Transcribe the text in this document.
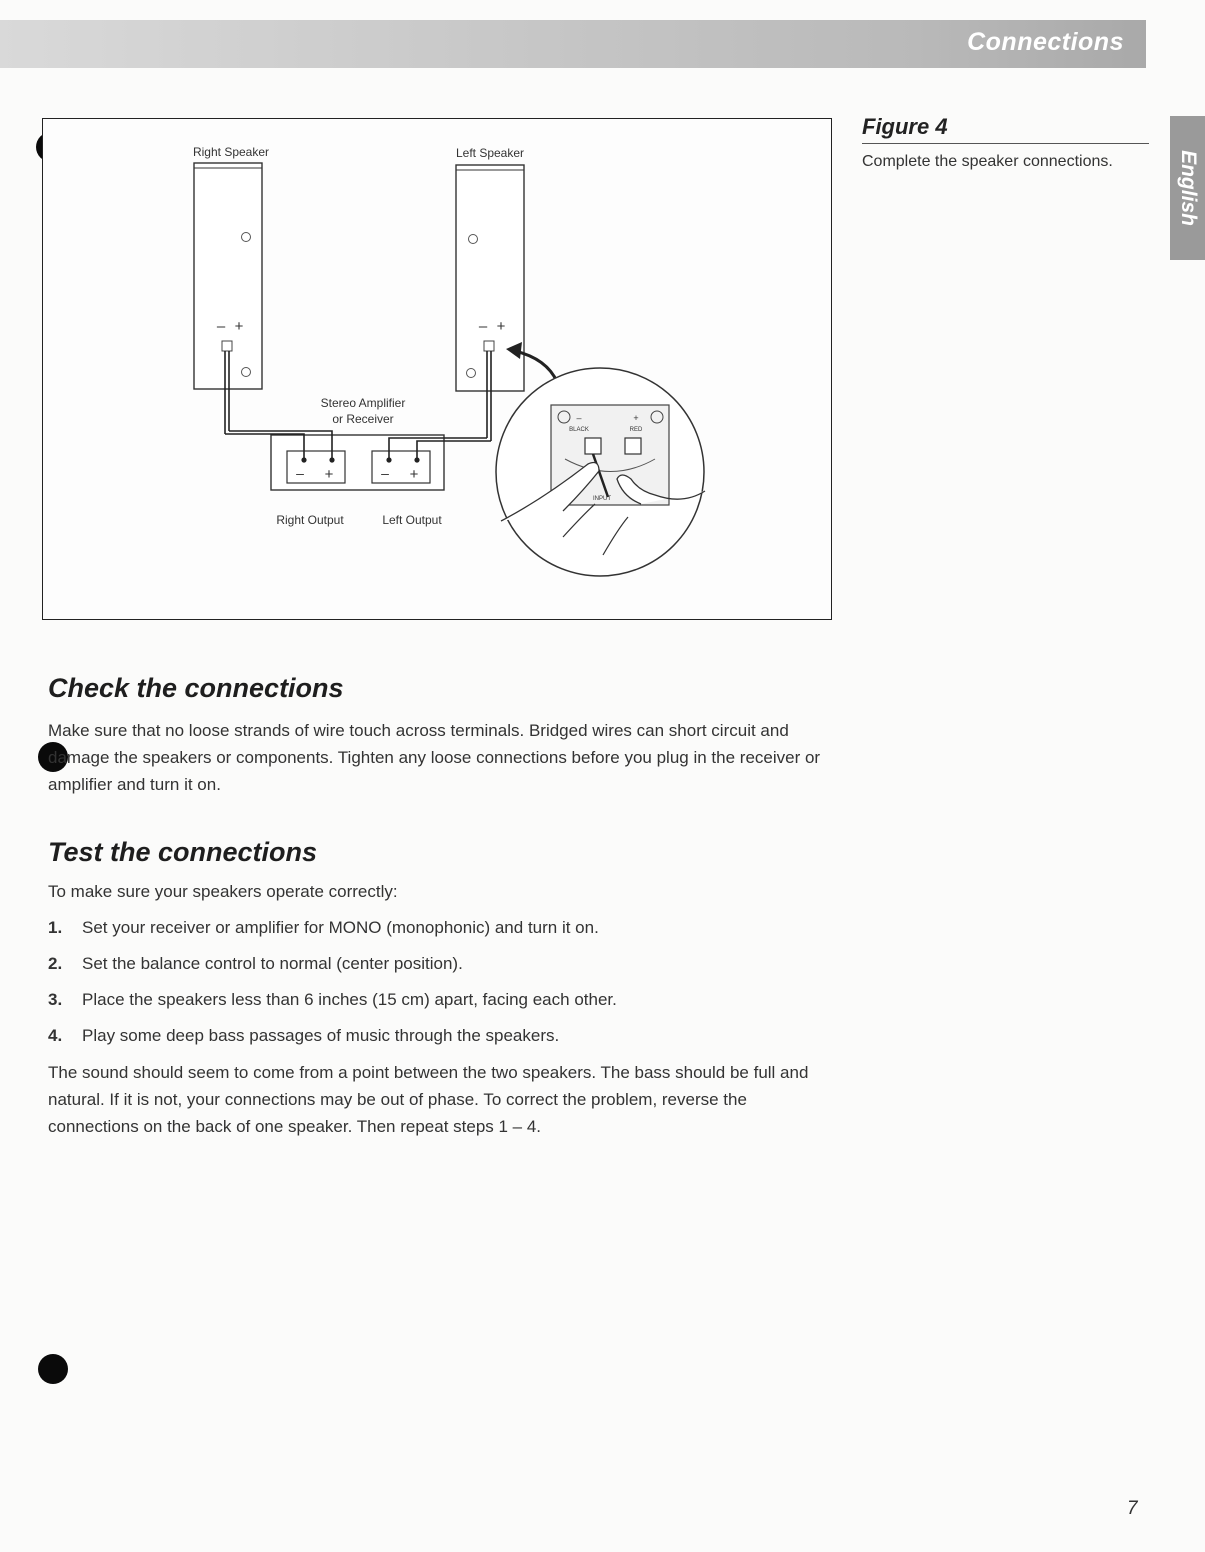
Connections
English
Right Speaker
– +
Left Speaker
– +
Stereo Amplifier
or Receiver
– +	– +
Right Output	Left Output
BLACK	RED
–	+
INPUT
Figure 4

Complete the speaker connections.

Check the connections

Make sure that no loose strands of wire touch across terminals. Bridged wires can short circuit and damage the speakers or components. Tighten any loose connections before you plug in the receiver or amplifier and turn it on.

Test the connections

To make sure your speakers operate correctly:

1.	Set your receiver or amplifier for MONO (monophonic) and turn it on.
2.	Set the balance control to normal (center position).
3.	Place the speakers less than 6 inches (15 cm) apart, facing each other.
4.	Play some deep bass passages of music through the speakers.

The sound should seem to come from a point between the two speakers. The bass should be full and natural. If it is not, your connections may be out of phase. To correct the problem, reverse the connections on the back of one speaker. Then repeat steps 1 – 4.

7
